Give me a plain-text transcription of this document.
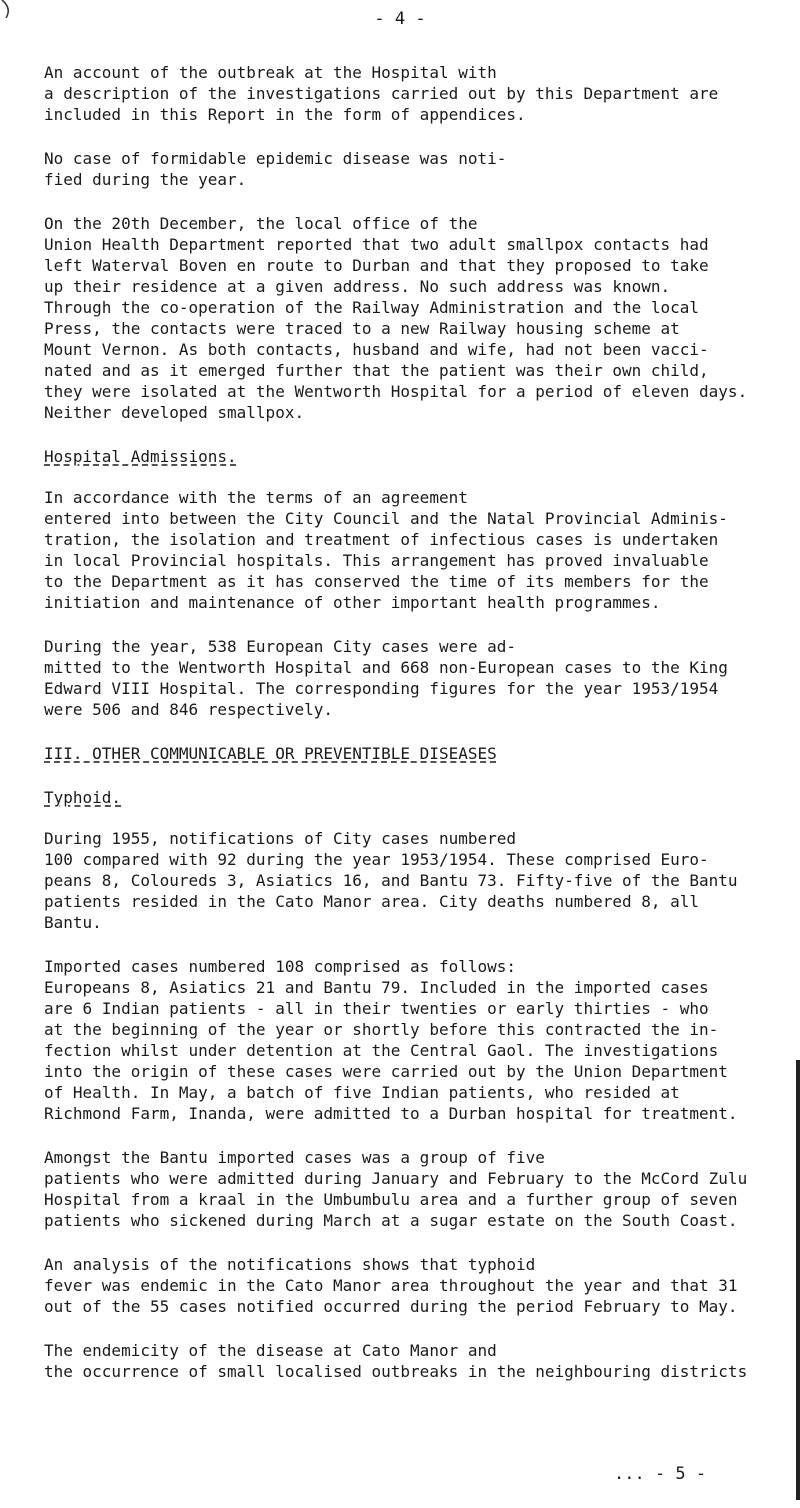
- 4 -

An account of the outbreak at the Hospital with
a description of the investigations carried out by this Department are
included in this Report in the form of appendices.

No case of formidable epidemic disease was noti-
fied during the year.

On the 20th December, the local office of the
Union Health Department reported that two adult smallpox contacts had
left Waterval Boven en route to Durban and that they proposed to take
up their residence at a given address. No such address was known.
Through the co-operation of the Railway Administration and the local
Press, the contacts were traced to a new Railway housing scheme at
Mount Vernon. As both contacts, husband and wife, had not been vacci-
nated and as it emerged further that the patient was their own child,
they were isolated at the Wentworth Hospital for a period of eleven days.
Neither developed smallpox.

Hospital Admissions.

In accordance with the terms of an agreement
entered into between the City Council and the Natal Provincial Adminis-
tration, the isolation and treatment of infectious cases is undertaken
in local Provincial hospitals. This arrangement has proved invaluable
to the Department as it has conserved the time of its members for the
initiation and maintenance of other important health programmes.

During the year, 538 European City cases were ad-
mitted to the Wentworth Hospital and 668 non-European cases to the King
Edward VIII Hospital. The corresponding figures for the year 1953/1954
were 506 and 846 respectively.

III. OTHER COMMUNICABLE OR PREVENTIBLE DISEASES
Typhoid.

During 1955, notifications of City cases numbered
100 compared with 92 during the year 1953/1954. These comprised Euro-
peans 8, Coloureds 3, Asiatics 16, and Bantu 73. Fifty-five of the Bantu
patients resided in the Cato Manor area. City deaths numbered 8, all
Bantu.

Imported cases numbered 108 comprised as follows:
Europeans 8, Asiatics 21 and Bantu 79. Included in the imported cases
are 6 Indian patients - all in their twenties or early thirties - who
at the beginning of the year or shortly before this contracted the in-
fection whilst under detention at the Central Gaol. The investigations
into the origin of these cases were carried out by the Union Department
of Health. In May, a batch of five Indian patients, who resided at
Richmond Farm, Inanda, were admitted to a Durban hospital for treatment.

Amongst the Bantu imported cases was a group of five
patients who were admitted during January and February to the McCord Zulu
Hospital from a kraal in the Umbumbulu area and a further group of seven
patients who sickened during March at a sugar estate on the South Coast.

An analysis of the notifications shows that typhoid
fever was endemic in the Cato Manor area throughout the year and that 31
out of the 55 cases notified occurred during the period February to May.

The endemicity of the disease at Cato Manor and
the occurrence of small localised outbreaks in the neighbouring districts

... - 5 -
